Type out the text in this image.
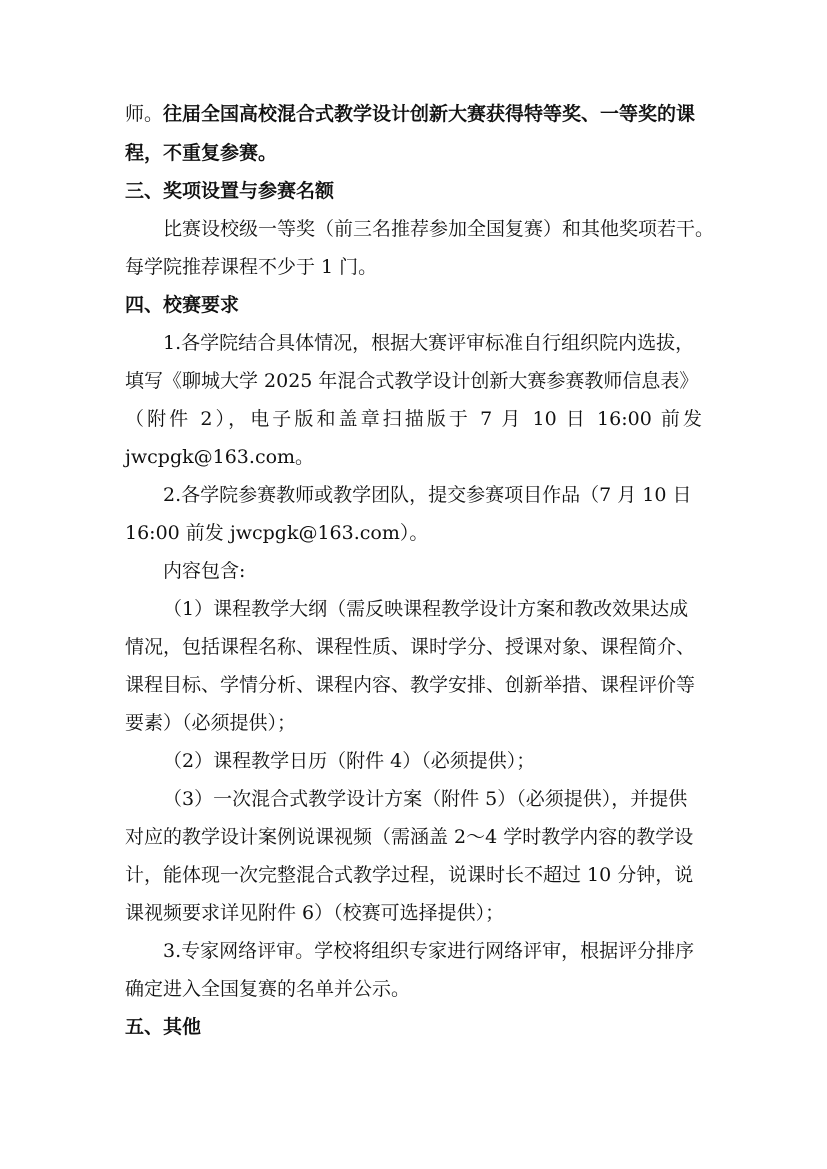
师。往届全国高校混合式教学设计创新大赛获得特等奖、一等奖的课
程，不重复参赛。
三、奖项设置与参赛名额
比赛设校级一等奖（前三名推荐参加全国复赛）和其他奖项若干。
每学院推荐课程不少于 1 门。
四、校赛要求
1.各学院结合具体情况，根据大赛评审标准自行组织院内选拔，
填写《聊城大学 2025 年混合式教学设计创新大赛参赛教师信息表》
（附件 2），电子版和盖章扫描版于 7 月 10 日 16:00 前发
jwcpgk@163.com。
2.各学院参赛教师或教学团队，提交参赛项目作品（7 月 10 日
16:00 前发 jwcpgk@163.com）。
内容包含:
（1）课程教学大纲（需反映课程教学设计方案和教改效果达成
情况，包括课程名称、课程性质、课时学分、授课对象、课程简介、
课程目标、学情分析、课程内容、教学安排、创新举措、课程评价等
要素）（必须提供）；
（2）课程教学日历（附件 4）（必须提供）；
（3）一次混合式教学设计方案（附件 5）（必须提供），并提供
对应的教学设计案例说课视频（需涵盖 2～4 学时教学内容的教学设
计，能体现一次完整混合式教学过程，说课时长不超过 10 分钟，说
课视频要求详见附件 6）（校赛可选择提供）；
3.专家网络评审。学校将组织专家进行网络评审，根据评分排序
确定进入全国复赛的名单并公示。
五、其他
